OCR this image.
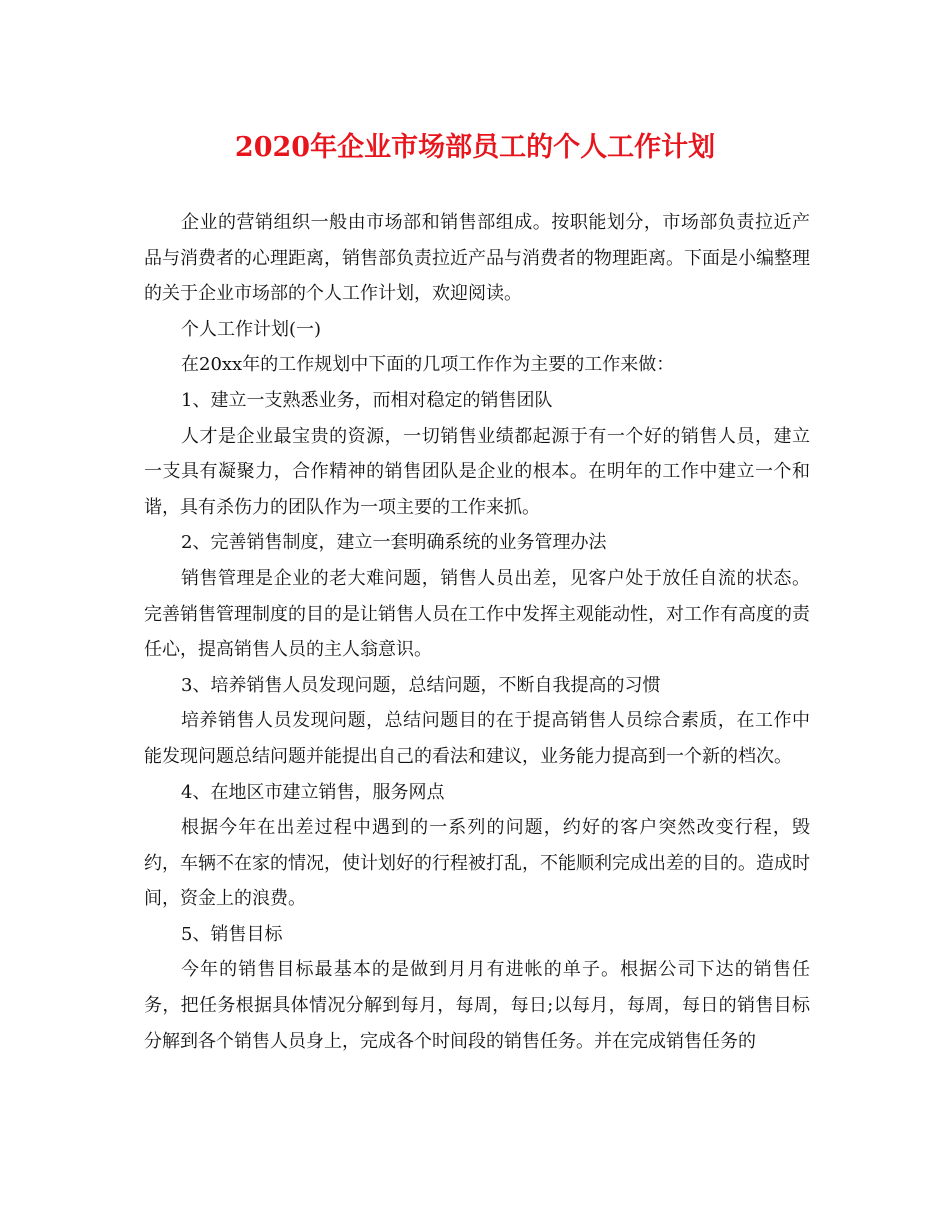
2020年企业市场部员工的个人工作计划

企业的营销组织一般由市场部和销售部组成。按职能划分，市场部负责拉近产品与消费者的心理距离，销售部负责拉近产品与消费者的物理距离。下面是小编整理的关于企业市场部的个人工作计划，欢迎阅读。

个人工作计划(一)

在20xx年的工作规划中下面的几项工作作为主要的工作来做：

1、建立一支熟悉业务，而相对稳定的销售团队

人才是企业最宝贵的资源，一切销售业绩都起源于有一个好的销售人员，建立一支具有凝聚力，合作精神的销售团队是企业的根本。在明年的工作中建立一个和谐，具有杀伤力的团队作为一项主要的工作来抓。

2、完善销售制度，建立一套明确系统的业务管理办法

销售管理是企业的老大难问题，销售人员出差，见客户处于放任自流的状态。完善销售管理制度的目的是让销售人员在工作中发挥主观能动性，对工作有高度的责任心，提高销售人员的主人翁意识。

3、培养销售人员发现问题，总结问题，不断自我提高的习惯

培养销售人员发现问题，总结问题目的在于提高销售人员综合素质，在工作中能发现问题总结问题并能提出自己的看法和建议，业务能力提高到一个新的档次。

4、在地区市建立销售，服务网点

根据今年在出差过程中遇到的一系列的问题，约好的客户突然改变行程，毁约，车辆不在家的情况，使计划好的行程被打乱，不能顺利完成出差的目的。造成时间，资金上的浪费。

5、销售目标

今年的销售目标最基本的是做到月月有进帐的单子。根据公司下达的销售任务，把任务根据具体情况分解到每月，每周，每日;以每月，每周，每日的销售目标分解到各个销售人员身上，完成各个时间段的销售任务。并在完成销售任务的
